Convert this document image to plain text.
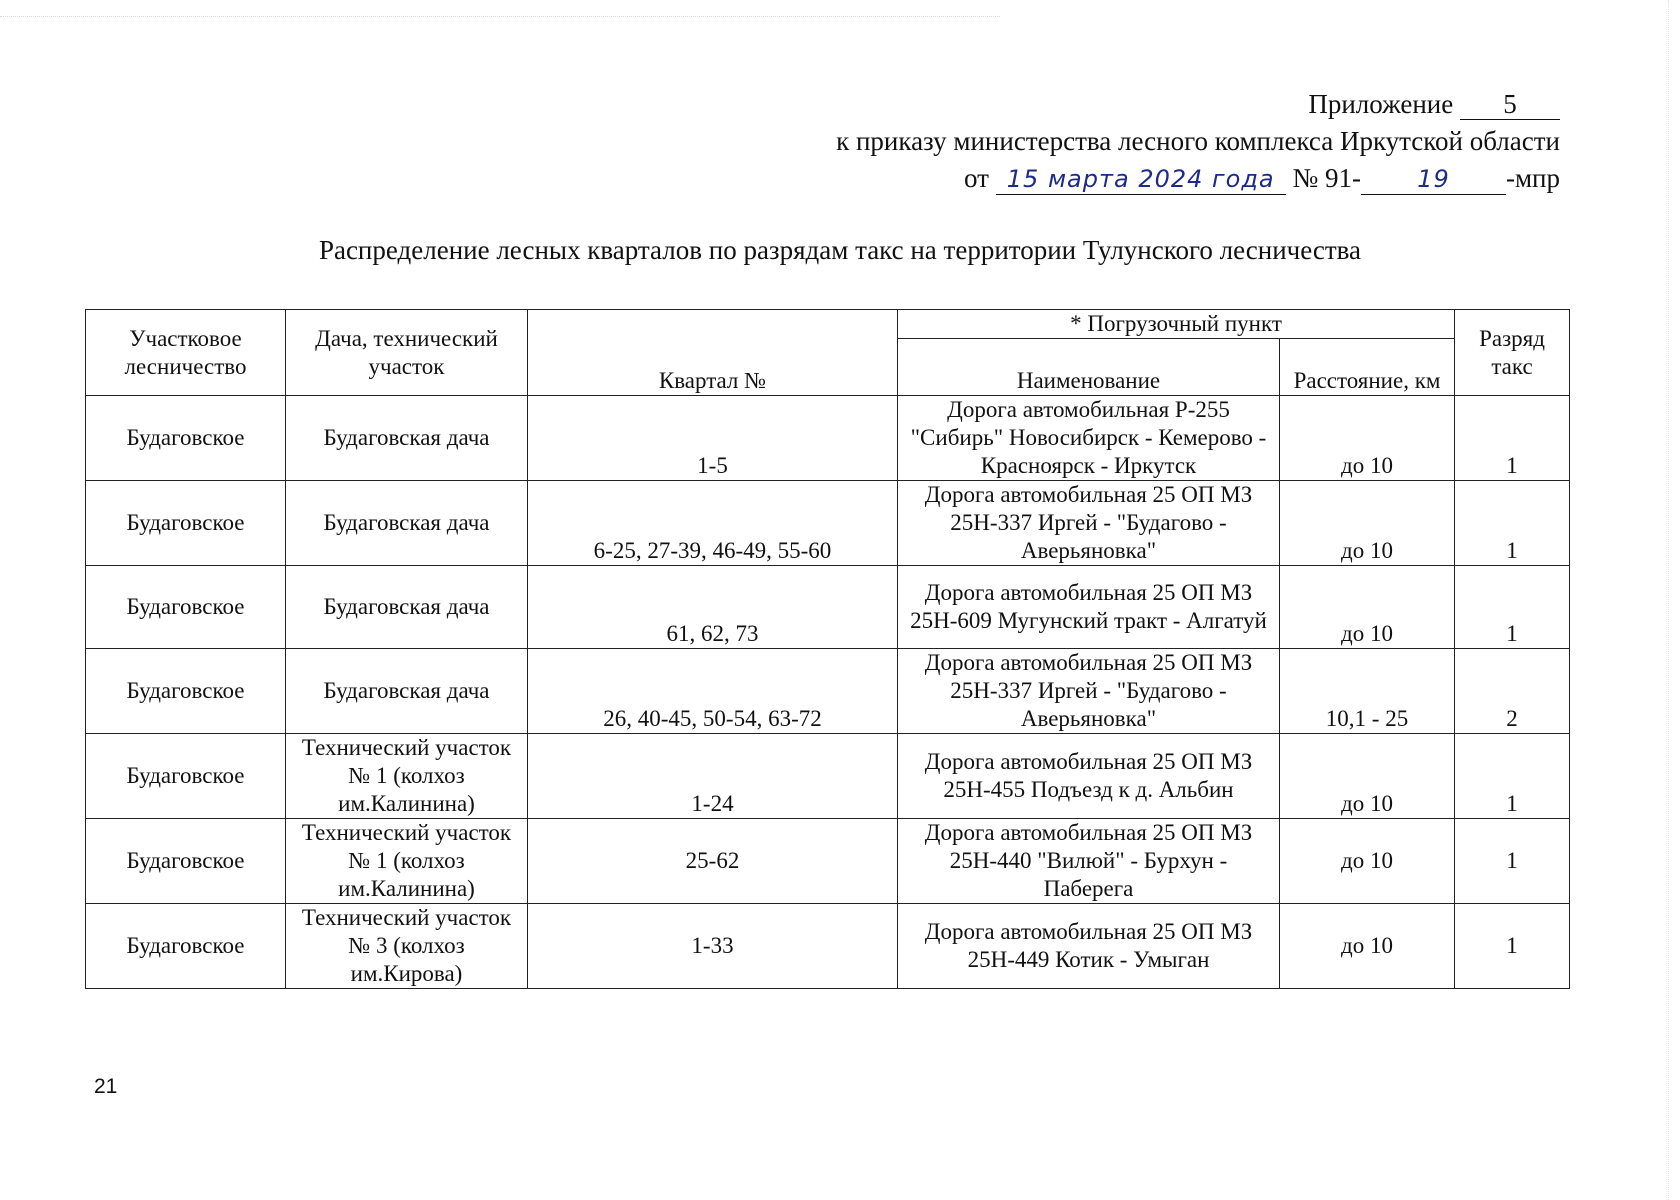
Приложение 5
к приказу министерства лесного комплекса Иркутской области
от 15 марта 2024 года № 91- 19 -мпр
Распределение лесных кварталов по разрядам такс на территории Тулунского лесничества
Участковое лесничество	Дача, технический участок	Квартал №	* Погрузочный пункт		Разряд такс
			Наименование	Расстояние, км	
Будаговское	Будаговская дача	1-5	Дорога автомобильная Р-255 "Сибирь" Новосибирск - Кемерово - Красноярск - Иркутск	до 10	1
Будаговское	Будаговская дача	6-25, 27-39, 46-49, 55-60	Дорога автомобильная 25 ОП МЗ 25Н-337 Иргей - "Будагово - Аверьяновка"	до 10	1
Будаговское	Будаговская дача	61, 62, 73	Дорога автомобильная 25 ОП МЗ 25Н-609 Мугунский тракт - Алгатуй	до 10	1
Будаговское	Будаговская дача	26, 40-45, 50-54, 63-72	Дорога автомобильная 25 ОП МЗ 25Н-337 Иргей - "Будагово - Аверьяновка"	10,1 - 25	2
Будаговское	Технический участок № 1 (колхоз им.Калинина)	1-24	Дорога автомобильная 25 ОП МЗ 25Н-455 Подъезд к д. Альбин	до 10	1
Будаговское	Технический участок № 1 (колхоз им.Калинина)	25-62	Дорога автомобильная 25 ОП МЗ 25Н-440 "Вилюй" - Бурхун - Паберега	до 10	1
Будаговское	Технический участок № 3 (колхоз им.Кирова)	1-33	Дорога автомобильная 25 ОП МЗ 25Н-449 Котик - Умыган	до 10	1
21
